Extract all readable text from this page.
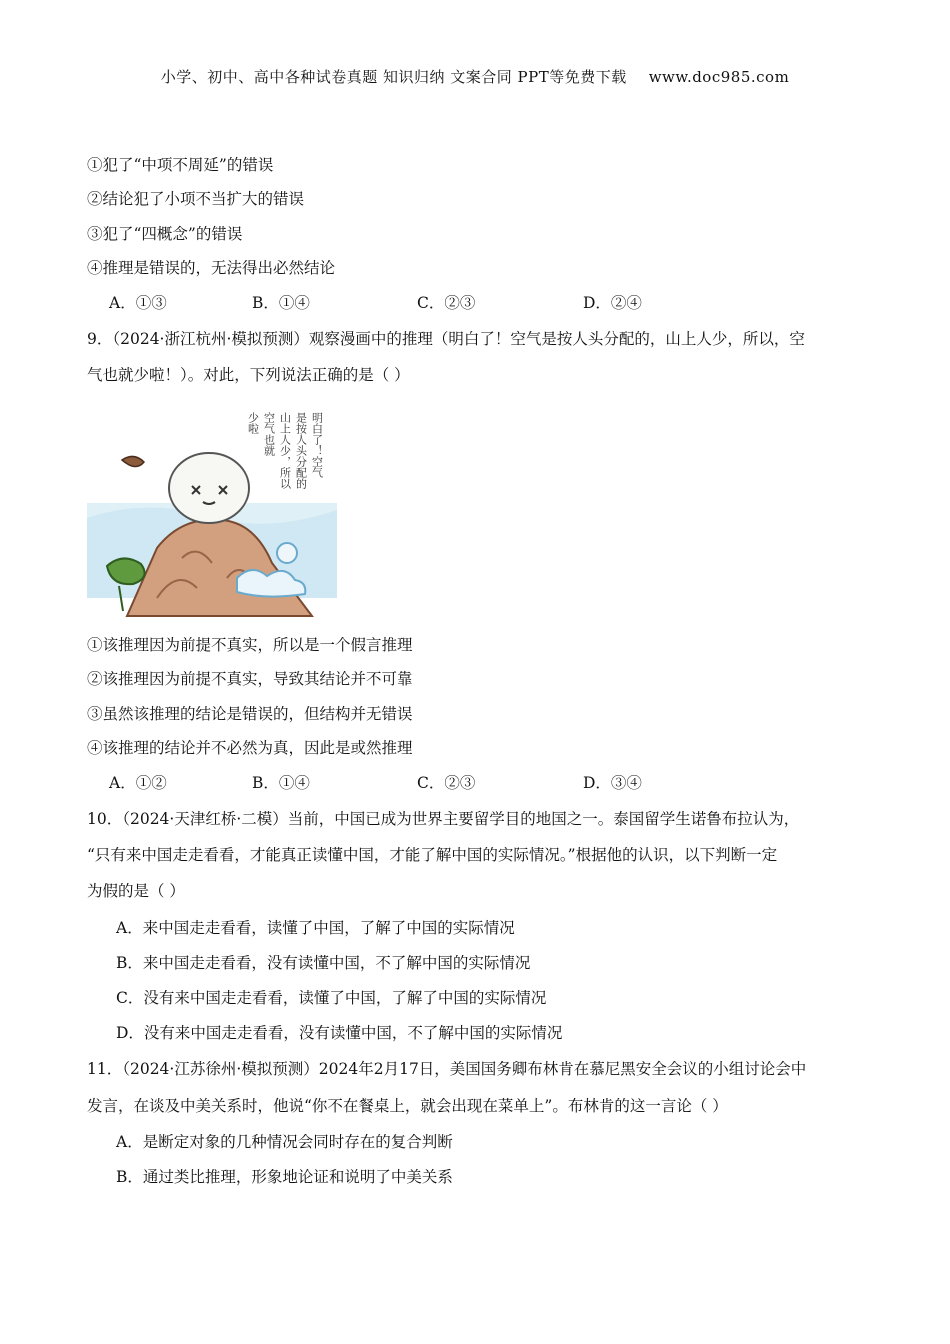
小学、初中、高中各种试卷真题 知识归纳 文案合同 PPT等免费下载 www.doc985.com
①犯了“中项不周延”的错误
②结论犯了小项不当扩大的错误
③犯了“四概念”的错误
④推理是错误的，无法得出必然结论
A．①③	B．①④	C．②③	D．②④
9．（2024·浙江杭州·模拟预测）观察漫画中的推理（明白了！空气是按人头分配的，山上人少，所以，空
气也就少啦！）。对此，下列说法正确的是（ ）
明白了！空气
是按人头分配的
山上人少，所以
空气也就
少啦
①该推理因为前提不真实，所以是一个假言推理
②该推理因为前提不真实，导致其结论并不可靠
③虽然该推理的结论是错误的，但结构并无错误
④该推理的结论并不必然为真，因此是或然推理
A．①②	B．①④	C．②③	D．③④
10．（2024·天津红桥·二模）当前，中国已成为世界主要留学目的地国之一。泰国留学生诺鲁布拉认为，
“只有来中国走走看看，才能真正读懂中国，才能了解中国的实际情况。”根据他的认识，以下判断一定
为假的是（ ）
A．来中国走走看看，读懂了中国，了解了中国的实际情况
B．来中国走走看看，没有读懂中国，不了解中国的实际情况
C．没有来中国走走看看，读懂了中国，了解了中国的实际情况
D．没有来中国走走看看，没有读懂中国，不了解中国的实际情况
11．（2024·江苏徐州·模拟预测）2024年2月17日，美国国务卿布林肯在慕尼黑安全会议的小组讨论会中
发言，在谈及中美关系时，他说“你不在餐桌上，就会出现在菜单上”。布林肯的这一言论（ ）
A．是断定对象的几种情况会同时存在的复合判断
B．通过类比推理，形象地论证和说明了中美关系
